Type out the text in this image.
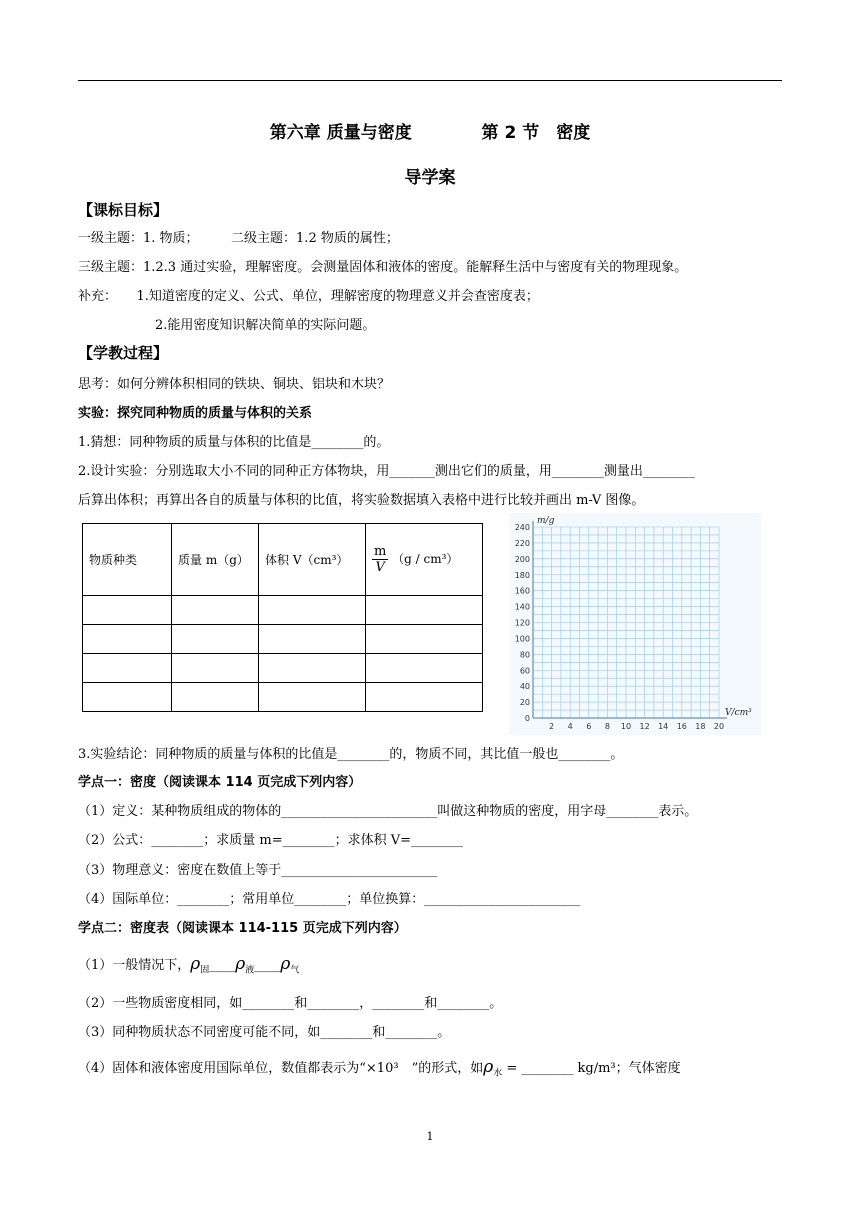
第六章 质量与密度	第 2 节　密度
导学案
【课标目标】
一级主题：1. 物质；　　　二级主题：1.2 物质的属性；
三级主题：1.2.3 通过实验，理解密度。会测量固体和液体的密度。能解释生活中与密度有关的物理现象。
补充：　　1.知道密度的定义、公式、单位，理解密度的物理意义并会查密度表；
2.能用密度知识解决简单的实际问题。
【学教过程】
思考：如何分辨体积相同的铁块、铜块、铝块和木块？
实验：探究同种物质的质量与体积的关系
1.猜想：同种物质的质量与体积的比值是________的。
2.设计实验：分别选取大小不同的同种正方体物块，用_______测出它们的质量，用________测量出________
后算出体积；再算出各自的质量与体积的比值，将实验数据填入表格中进行比较并画出 m-V 图像。
物质种类	质量 m（g）	体积 V（cm³）	$\frac{m}{V} (g / cm^3)$

0
20
40
60
80
100
120
140
160
180
200
220
240
2 4 6 8 10 12 14 16 18 20
m/g
V/cm³
3.实验结论：同种物质的质量与体积的比值是________的，物质不同，其比值一般也________。
学点一：密度（阅读课本 114 页完成下列内容）
（1）定义：某种物质组成的物体的________________________叫做这种物质的密度，用字母________表示。
（2）公式：________；求质量 m=________；求体积 V=________
（3）物理意义：密度在数值上等于________________________
（4）国际单位：________；常用单位________；单位换算：________________________
学点二：密度表（阅读课本 114-115 页完成下列内容）
（1）一般情况下，$\rho_固\_\_\_\_\rho_液\_\_\_\_\rho_气$
（2）一些物质密度相同，如________和________，________和________。
（3）同种物质状态不同密度可能不同，如________和________。
（4）固体和液体密度用国际单位，数值都表示为“×10³　”的形式，如$\rho_水$ = ________ kg/m³；气体密度
1
